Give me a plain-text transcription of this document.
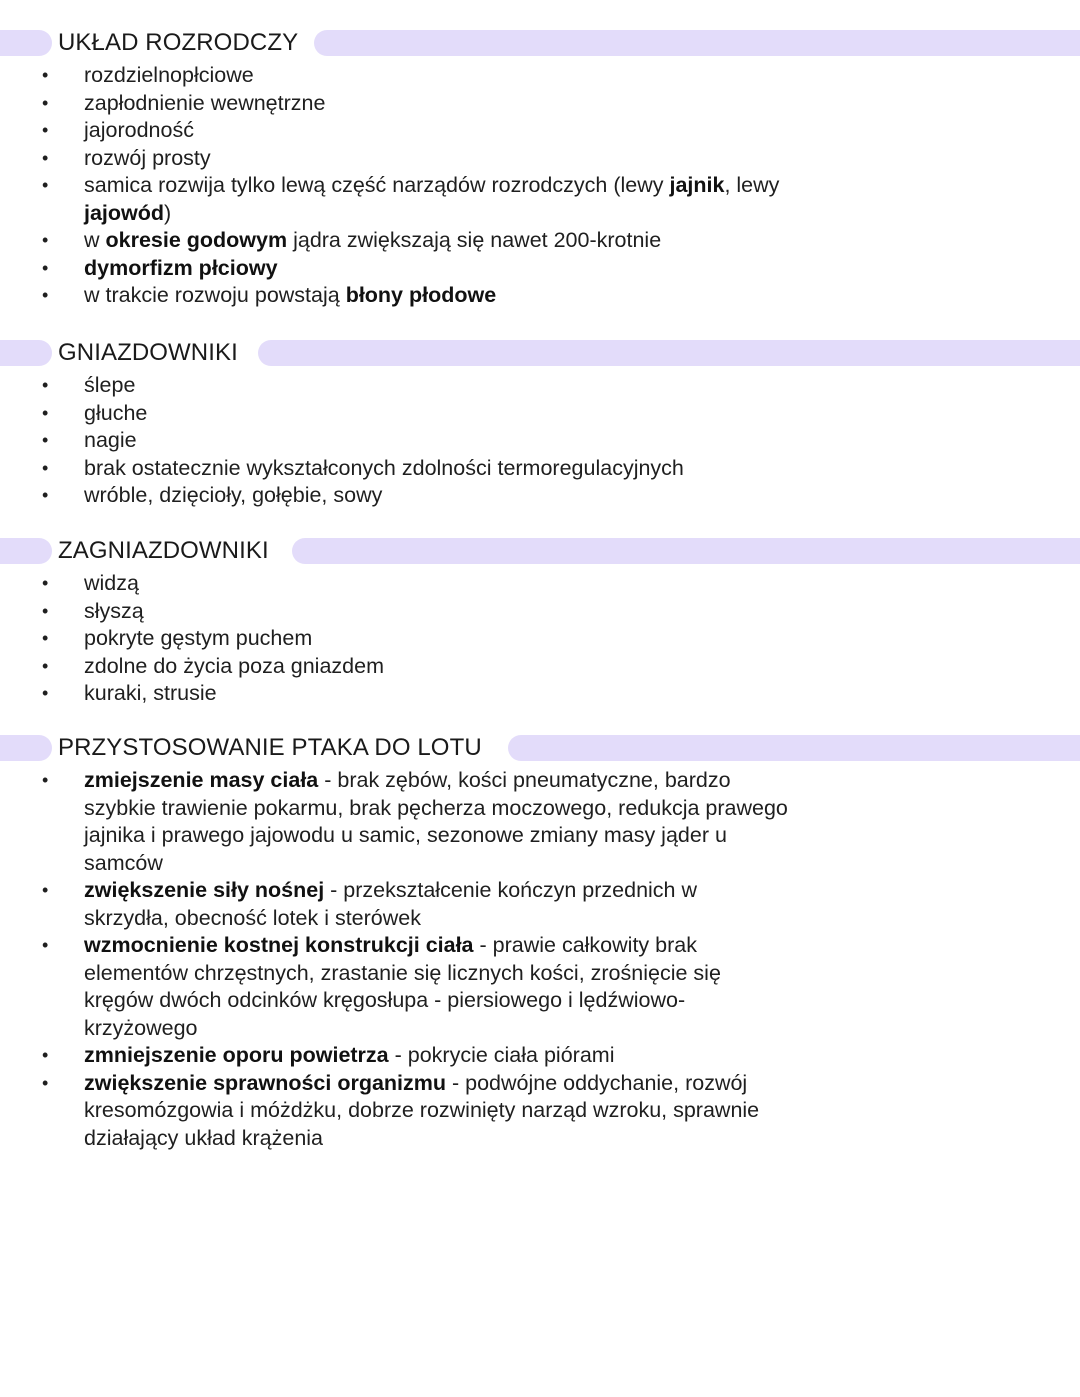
UKŁAD ROZRODCZY
• rozdzielnopłciowe
• zapłodnienie wewnętrzne
• jajorodność
• rozwój prosty
• samica rozwija tylko lewą część narządów rozrodczych (lewy jajnik, lewy jajowód)
• w okresie godowym jądra zwiększają się nawet 200-krotnie
• dymorfizm płciowy
• w trakcie rozwoju powstają błony płodowe
GNIAZDOWNIKI
• ślepe
• głuche
• nagie
• brak ostatecznie wykształconych zdolności termoregulacyjnych
• wróble, dzięcioły, gołębie, sowy
ZAGNIAZDOWNIKI
• widzą
• słyszą
• pokryte gęstym puchem
• zdolne do życia poza gniazdem
• kuraki, strusie
PRZYSTOSOWANIE PTAKA DO LOTU
• zmiejszenie masy ciała - brak zębów, kości pneumatyczne, bardzo szybkie trawienie pokarmu, brak pęcherza moczowego, redukcja prawego jajnika i prawego jajowodu u samic, sezonowe zmiany masy jąder u samców
• zwiększenie siły nośnej - przekształcenie kończyn przednich w skrzydła, obecność lotek i sterówek
• wzmocnienie kostnej konstrukcji ciała - prawie całkowity brak elementów chrzęstnych, zrastanie się licznych kości, zrośnięcie się kręgów dwóch odcinków kręgosłupa - piersiowego i lędźwiowo-krzyżowego
• zmniejszenie oporu powietrza - pokrycie ciała piórami
• zwiększenie sprawności organizmu - podwójne oddychanie, rozwój kresomózgowia i móżdżku, dobrze rozwinięty narząd wzroku, sprawnie działający układ krążenia
